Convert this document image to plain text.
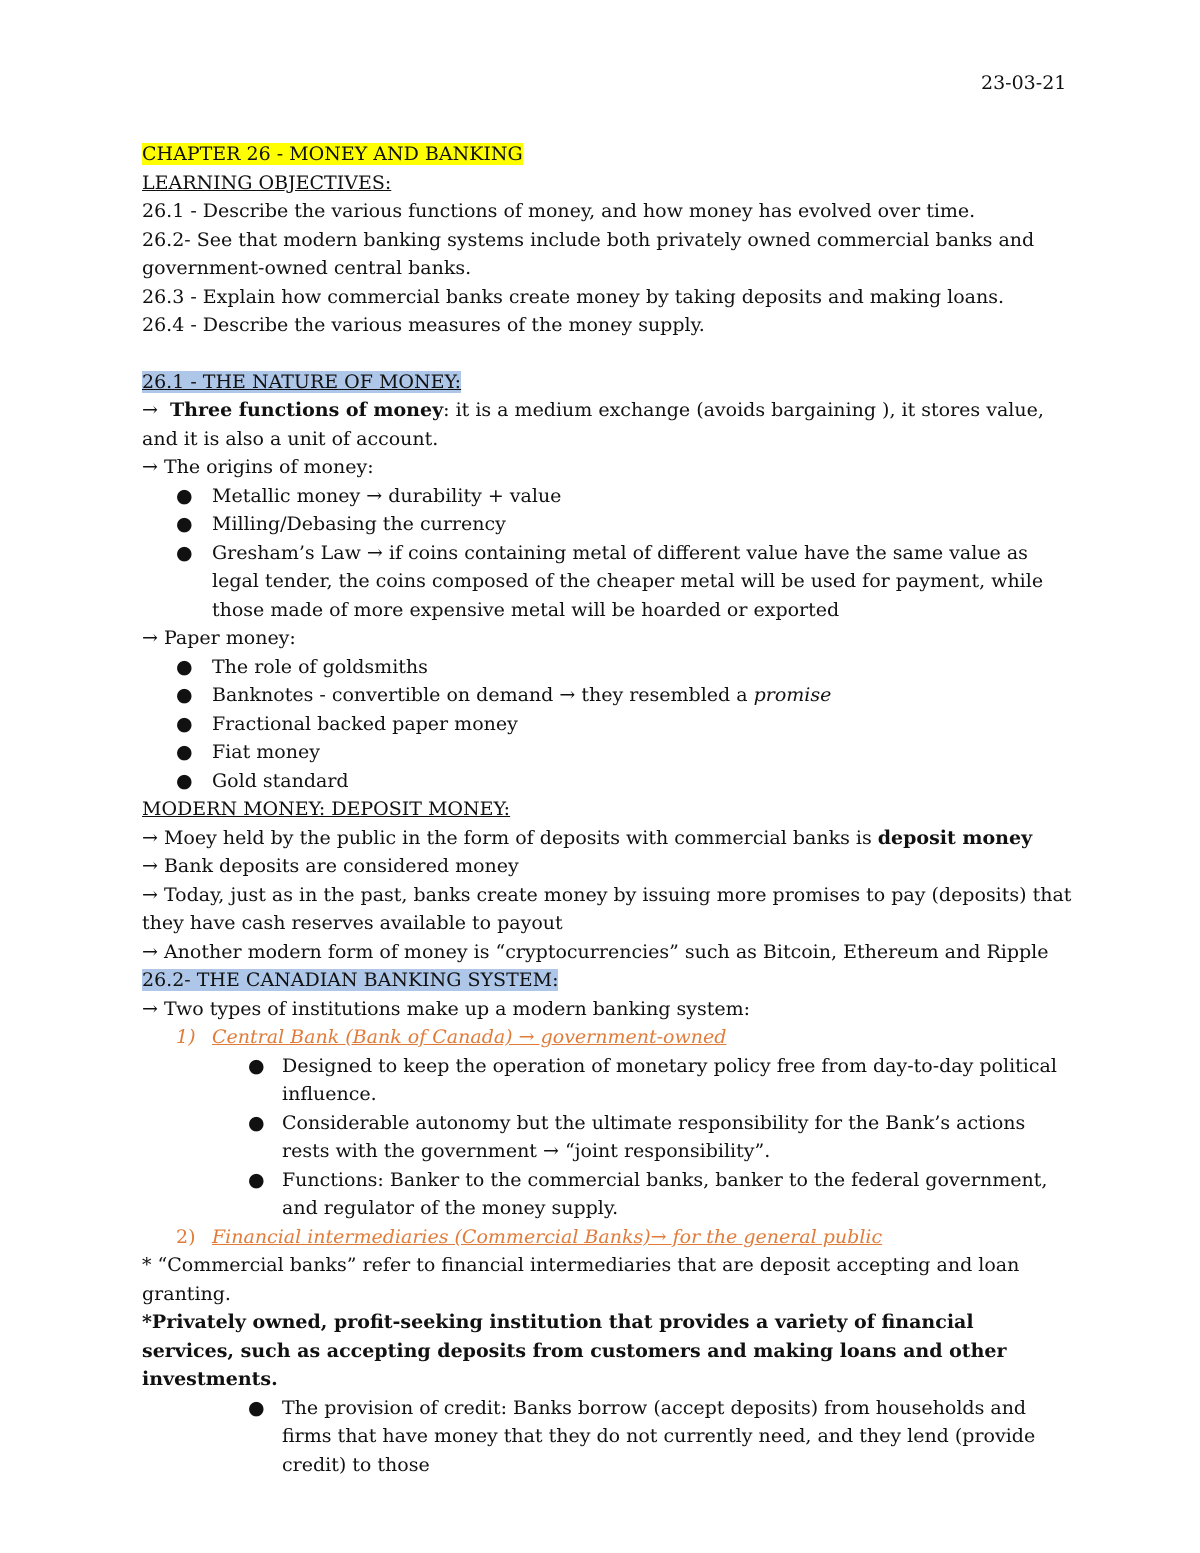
23-03-21
CHAPTER 26 - MONEY AND BANKING
LEARNING OBJECTIVES:
26.1 - Describe the various functions of money, and how money has evolved over time.
26.2- See that modern banking systems include both privately owned commercial banks and government-owned central banks.
26.3 - Explain how commercial banks create money by taking deposits and making loans.
26.4 - Describe the various measures of the money supply.
26.1 - THE NATURE OF MONEY:
→ Three functions of money: it is a medium exchange (avoids bargaining ), it stores value, and it is also a unit of account.
→ The origins of money:
● Metallic money → durability + value
● Milling/Debasing the currency
● Gresham’s Law → if coins containing metal of different value have the same value as legal tender, the coins composed of the cheaper metal will be used for payment, while those made of more expensive metal will be hoarded or exported
→ Paper money:
● The role of goldsmiths
● Banknotes - convertible on demand → they resembled a promise
● Fractional backed paper money
● Fiat money
● Gold standard
MODERN MONEY: DEPOSIT MONEY:
→ Moey held by the public in the form of deposits with commercial banks is deposit money
→ Bank deposits are considered money
→ Today, just as in the past, banks create money by issuing more promises to pay (deposits) that they have cash reserves available to payout
→ Another modern form of money is “cryptocurrencies” such as Bitcoin, Ethereum and Ripple
26.2- THE CANADIAN BANKING SYSTEM:
→ Two types of institutions make up a modern banking system:
1) Central Bank (Bank of Canada) → government-owned
● Designed to keep the operation of monetary policy free from day-to-day political influence.
● Considerable autonomy but the ultimate responsibility for the Bank’s actions rests with the government → “joint responsibility”.
● Functions: Banker to the commercial banks, banker to the federal government, and regulator of the money supply.
2) Financial intermediaries (Commercial Banks)→ for the general public
* “Commercial banks” refer to financial intermediaries that are deposit accepting and loan granting.
*Privately owned, profit-seeking institution that provides a variety of financial services, such as accepting deposits from customers and making loans and other investments.
● The provision of credit: Banks borrow (accept deposits) from households and firms that have money that they do not currently need, and they lend (provide credit) to those
